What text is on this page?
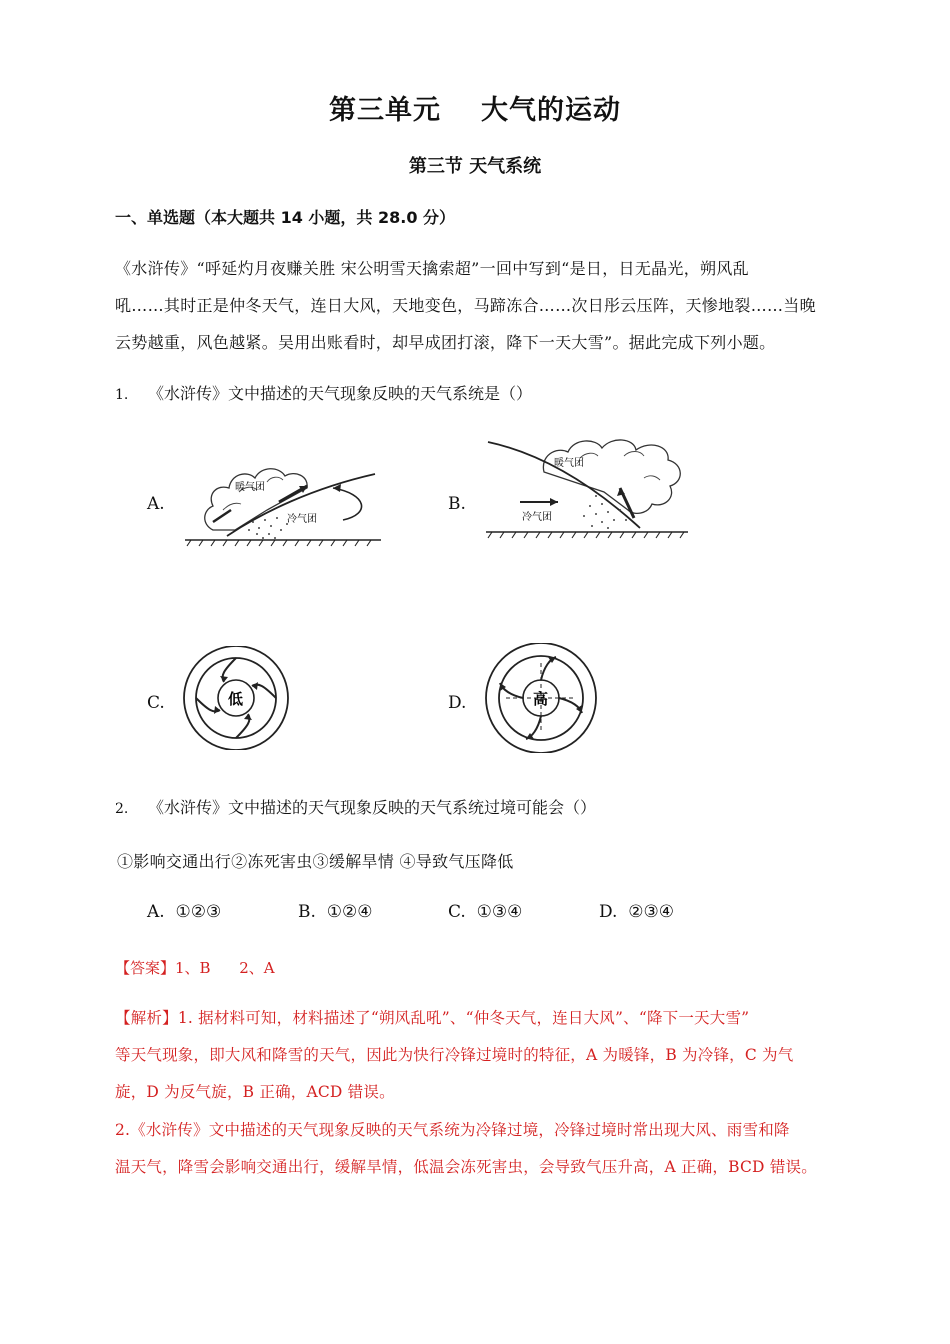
第三单元 大气的运动
第三节 天气系统
一、单选题（本大题共 14 小题，共 28.0 分）
《水浒传》“呼延灼月夜赚关胜 宋公明雪天擒索超”一回中写到“是日，日无晶光，朔风乱
吼……其时正是仲冬天气，连日大风，天地变色，马蹄冻合……次日彤云压阵，天惨地裂……当晚
云势越重，风色越紧。吴用出账看时，却早成团打滚，降下一天大雪”。据此完成下列小题。
1. 《水浒传》文中描述的天气现象反映的天气系统是（）
A.
暖气团
冷气团
B.
暖气团
冷气团
C.	低	D.	高
2. 《水浒传》文中描述的天气现象反映的天气系统过境可能会（）
①影响交通出行②冻死害虫③缓解旱情 ④导致气压降低
A. ①②③	B. ①②④	C. ①③④	D. ②③④
【答案】1、B      2、A
【解析】1. 据材料可知，材料描述了“朔风乱吼”、“仲冬天气，连日大风”、“降下一天大雪”
等天气现象，即大风和降雪的天气，因此为快行冷锋过境时的特征，A 为暖锋，B 为冷锋，C 为气
旋，D 为反气旋，B 正确，ACD 错误。
2.《水浒传》文中描述的天气现象反映的天气系统为冷锋过境，冷锋过境时常出现大风、雨雪和降
温天气，降雪会影响交通出行，缓解旱情，低温会冻死害虫，会导致气压升高，A 正确，BCD 错误。
